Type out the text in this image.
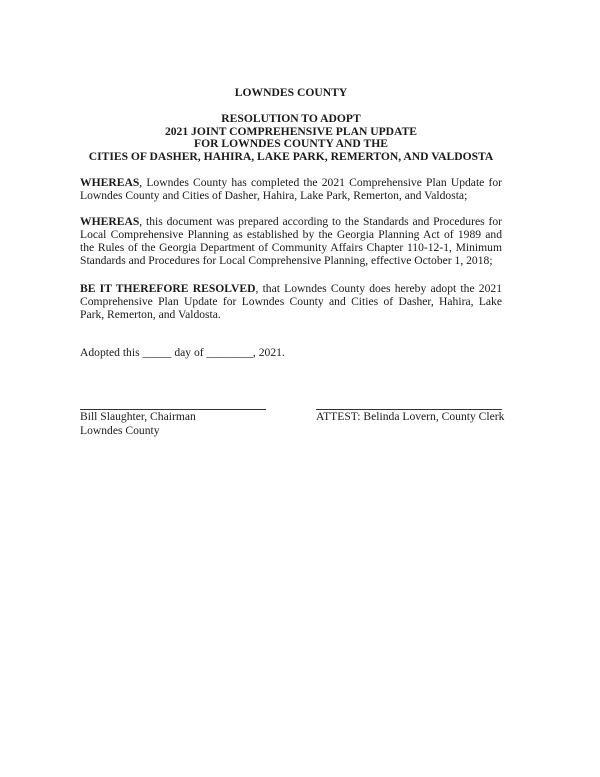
LOWNDES COUNTY
RESOLUTION TO ADOPT
2021 JOINT COMPREHENSIVE PLAN UPDATE
FOR LOWNDES COUNTY AND THE
CITIES OF DASHER, HAHIRA, LAKE PARK, REMERTON, AND VALDOSTA
WHEREAS, Lowndes County has completed the 2021 Comprehensive Plan Update for Lowndes County and Cities of Dasher, Hahira, Lake Park, Remerton, and Valdosta;
WHEREAS, this document was prepared according to the Standards and Procedures for Local Comprehensive Planning as established by the Georgia Planning Act of 1989 and the Rules of the Georgia Department of Community Affairs Chapter 110-12-1, Minimum Standards and Procedures for Local Comprehensive Planning, effective October 1, 2018;
BE IT THEREFORE RESOLVED, that Lowndes County does hereby adopt the 2021 Comprehensive Plan Update for Lowndes County and Cities of Dasher, Hahira, Lake Park, Remerton, and Valdosta.
Adopted this _____ day of ________, 2021.
Bill Slaughter, Chairman
Lowndes County
ATTEST: Belinda Lovern, County Clerk
